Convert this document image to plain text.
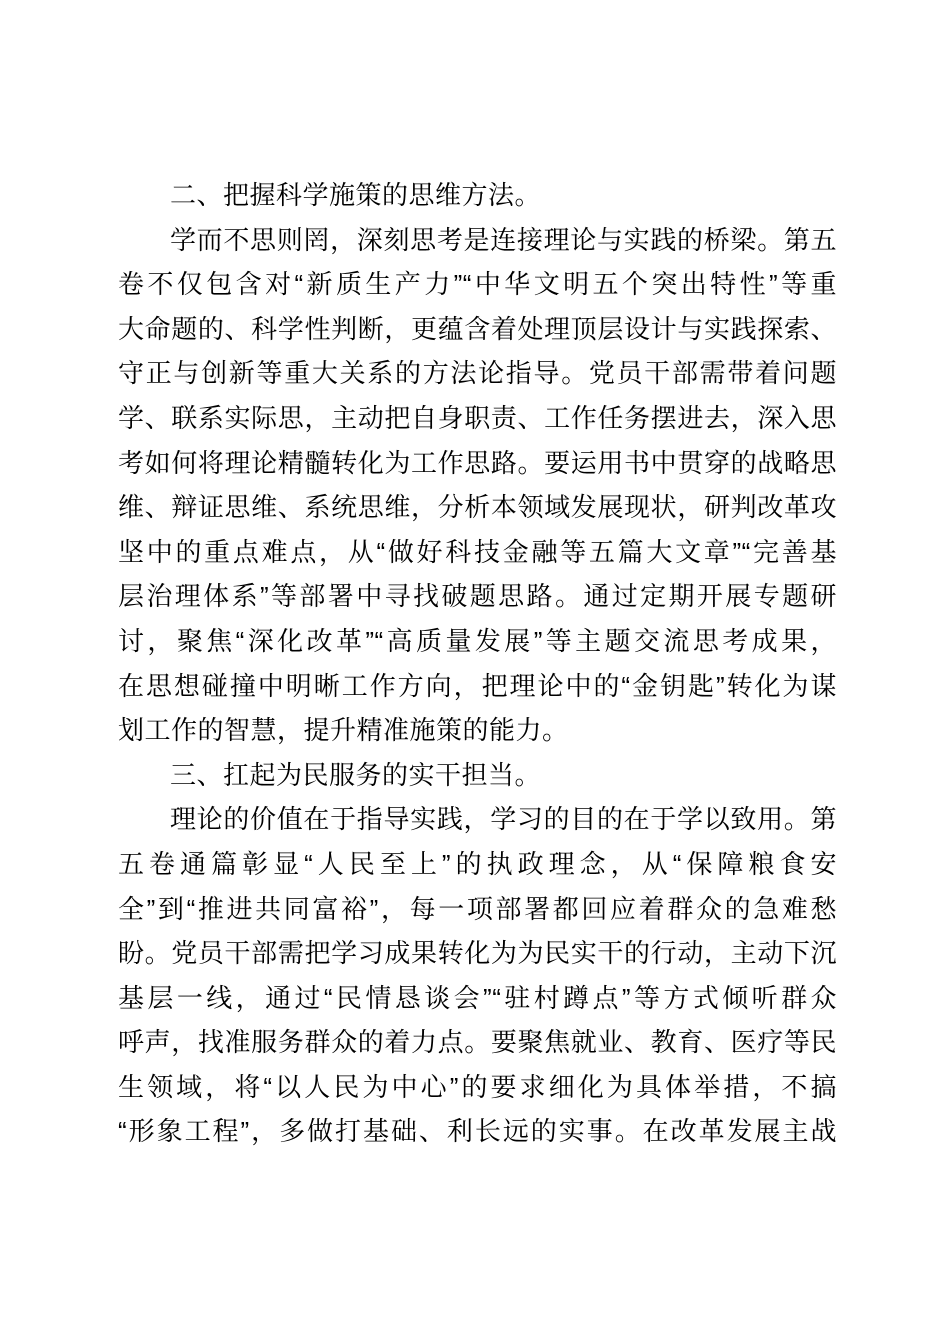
二、把握科学施策的思维方法。
学而不思则罔，深刻思考是连接理论与实践的桥梁。第五
卷不仅包含对“新质生产力”“中华文明五个突出特性”等重
大命题的、科学性判断，更蕴含着处理顶层设计与实践探索、
守正与创新等重大关系的方法论指导。党员干部需带着问题
学、联系实际思，主动把自身职责、工作任务摆进去，深入思
考如何将理论精髓转化为工作思路。要运用书中贯穿的战略思
维、辩证思维、系统思维，分析本领域发展现状，研判改革攻
坚中的重点难点，从“做好科技金融等五篇大文章”“完善基
层治理体系”等部署中寻找破题思路。通过定期开展专题研
讨，聚焦“深化改革”“高质量发展”等主题交流思考成果，
在思想碰撞中明晰工作方向，把理论中的“金钥匙”转化为谋
划工作的智慧，提升精准施策的能力。
三、扛起为民服务的实干担当。
理论的价值在于指导实践，学习的目的在于学以致用。第
五卷通篇彰显“人民至上”的执政理念，从“保障粮食安
全”到“推进共同富裕”，每一项部署都回应着群众的急难愁
盼。党员干部需把学习成果转化为为民实干的行动，主动下沉
基层一线，通过“民情恳谈会”“驻村蹲点”等方式倾听群众
呼声，找准服务群众的着力点。要聚焦就业、教育、医疗等民
生领域，将“以人民为中心”的要求细化为具体举措，不搞
“形象工程”，多做打基础、利长远的实事。在改革发展主战
